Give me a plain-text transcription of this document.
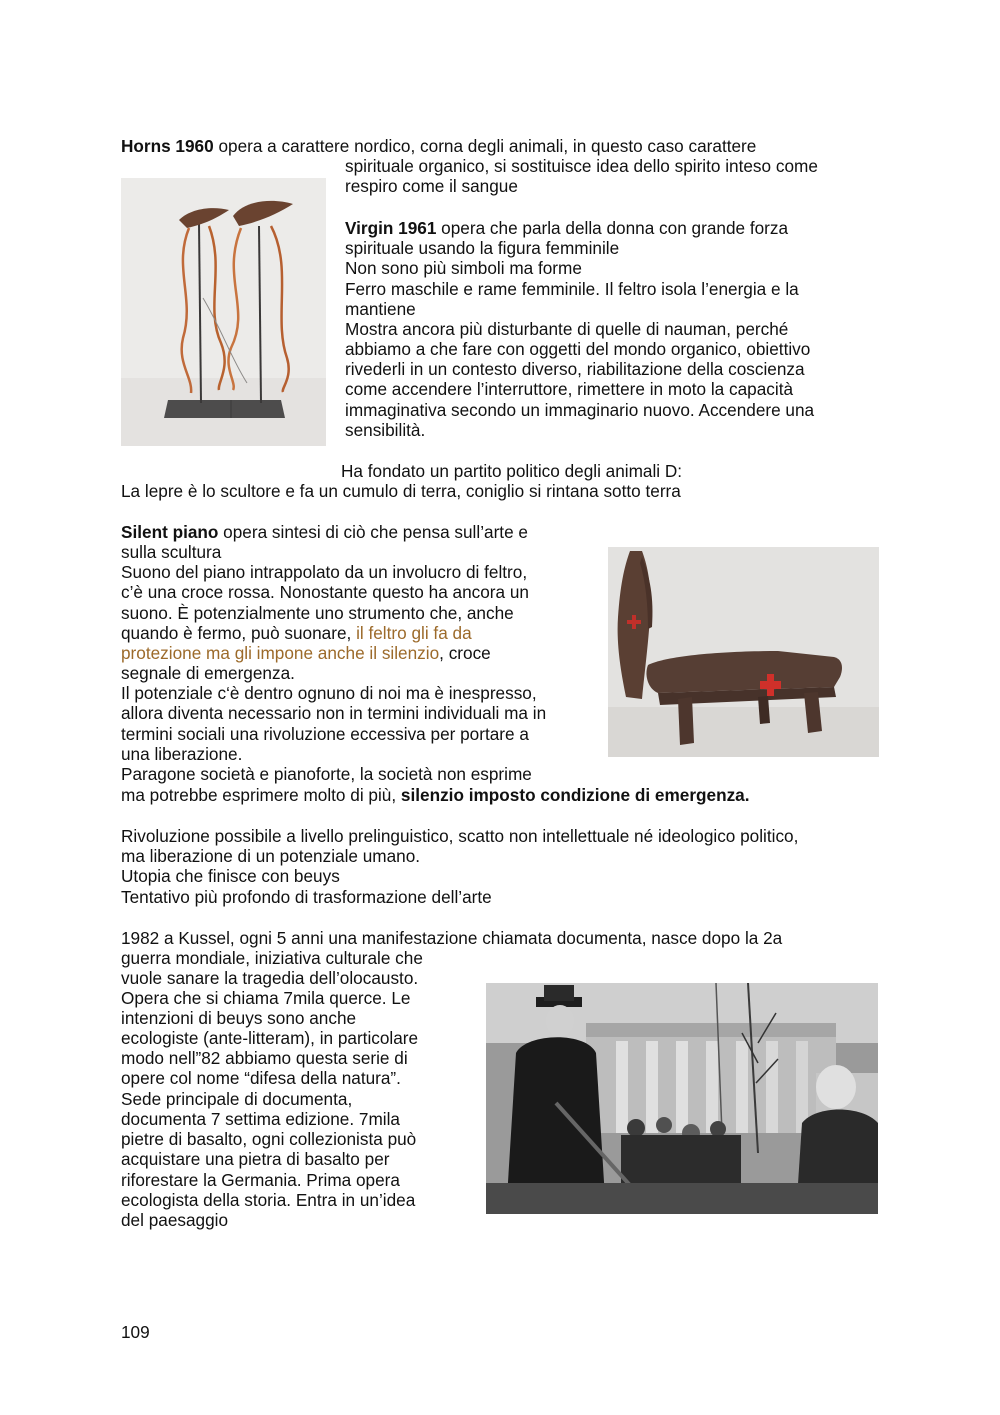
Horns 1960 opera a carattere nordico, corna degli animali, in questo caso carattere
spirituale organico, si sostituisce idea dello spirito inteso come
respiro come il sangue
Virgin 1961 opera che parla della donna con grande forza
spirituale usando la figura femminile
Non sono più simboli ma forme
Ferro maschile e rame femminile. Il feltro isola l’energia e la
mantiene
Mostra ancora più disturbante di quelle di nauman, perché
abbiamo a che fare con oggetti del mondo organico, obiettivo
rivederli in un contesto diverso, riabilitazione della coscienza
come accendere l’interruttore, rimettere in moto la capacità
immaginativa secondo un immaginario nuovo. Accendere una
sensibilità.
Ha fondato un partito politico degli animali D:
La lepre è lo scultore e fa un cumulo di terra, coniglio si rintana sotto terra
Silent piano opera sintesi di ciò che pensa sull’arte e
sulla scultura
Suono del piano intrappolato da un involucro di feltro,
c’è una croce rossa. Nonostante questo ha ancora un
suono. È potenzialmente uno strumento che, anche
quando è fermo, può suonare, il feltro gli fa da
protezione ma gli impone anche il silenzio, croce
segnale di emergenza.
Il potenziale c‘è dentro ognuno di noi ma è inespresso,
allora diventa necessario non in termini individuali ma in
termini sociali una rivoluzione eccessiva per portare a
una liberazione.
Paragone società e pianoforte, la società non esprime
ma potrebbe esprimere molto di più, silenzio imposto condizione di emergenza.
Rivoluzione possibile a livello prelinguistico, scatto non intellettuale né ideologico politico,
ma liberazione di un potenziale umano.
Utopia che finisce con beuys
Tentativo più profondo di trasformazione dell’arte
1982 a Kussel, ogni 5 anni una manifestazione chiamata documenta, nasce dopo la 2a
guerra mondiale, iniziativa culturale che
vuole sanare la tragedia dell’olocausto.
Opera che si chiama 7mila querce. Le
intenzioni di beuys sono anche
ecologiste (ante-litteram), in particolare
modo nell”82 abbiamo questa serie di
opere col nome “difesa della natura”.
Sede principale di documenta,
documenta 7 settima edizione. 7mila
pietre di basalto, ogni collezionista può
acquistare una pietra di basalto per
riforestare la Germania. Prima opera
ecologista della storia. Entra in un’idea
del paesaggio
109
